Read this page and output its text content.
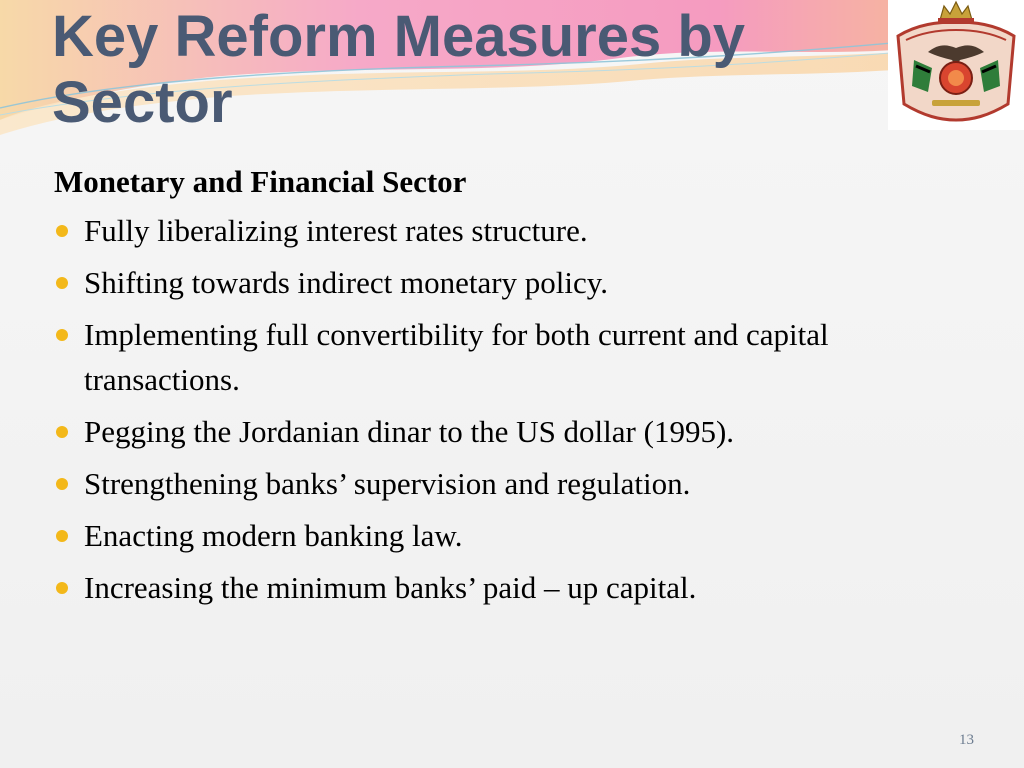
Key Reform Measures by Sector
Monetary and Financial Sector
Fully liberalizing interest rates structure.
Shifting towards indirect monetary policy.
Implementing full convertibility for both current and capital transactions.
Pegging the Jordanian dinar to the US dollar (1995).
Strengthening banks’ supervision and regulation.
Enacting modern banking law.
Increasing the minimum banks’ paid – up capital.
13
